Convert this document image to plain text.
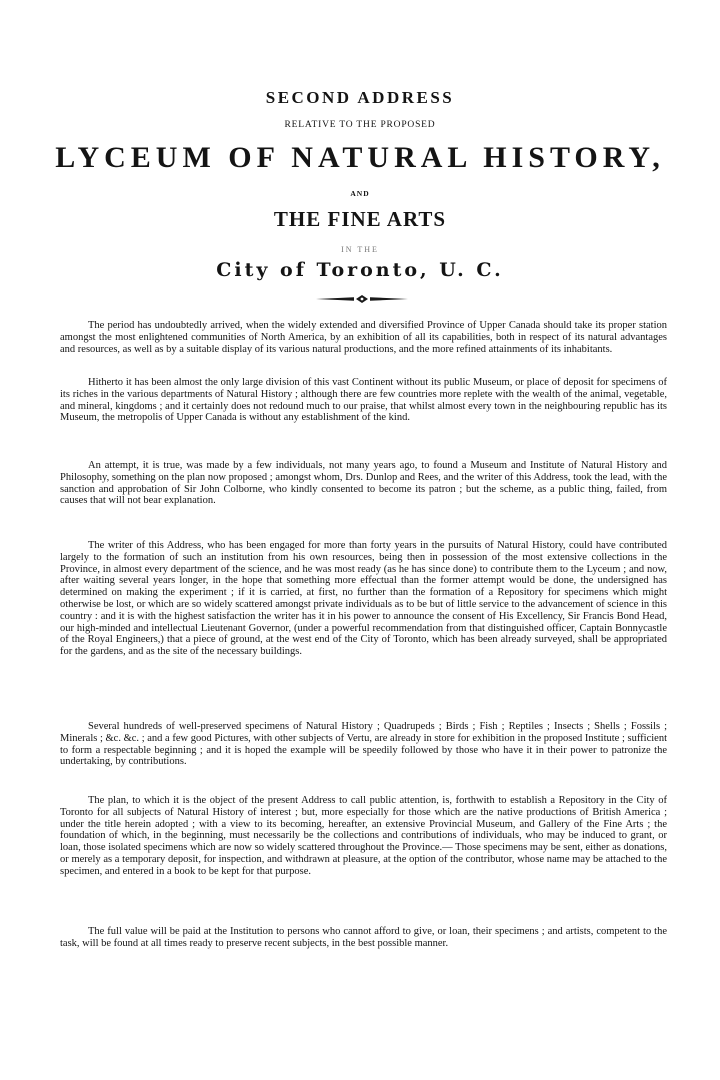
SECOND ADDRESS
RELATIVE TO THE PROPOSED
LYCEUM OF NATURAL HISTORY,
AND
THE FINE ARTS
IN THE
City of Toronto, U. C.

The period has undoubtedly arrived, when the widely extended and diversified Province of Upper Canada should take its proper station amongst the most enlightened communities of North America, by an exhibition of all its capabilities, both in respect of its natural advantages and resources, as well as by a suitable display of its various natural productions, and the more refined attainments of its inhabitants.

Hitherto it has been almost the only large division of this vast Continent without its public Museum, or place of deposit for specimens of its riches in the various departments of Natural History ; although there are few countries more replete with the wealth of the animal, vegetable, and mineral, kingdoms ; and it certainly does not redound much to our praise, that whilst almost every town in the neighbouring republic has its Museum, the metropolis of Upper Canada is without any establishment of the kind.

An attempt, it is true, was made by a few individuals, not many years ago, to found a Museum and Institute of Natural History and Philosophy, something on the plan now proposed ; amongst whom, Drs. Dunlop and Rees, and the writer of this Address, took the lead, with the sanction and approbation of Sir John Colborne, who kindly consented to become its patron ; but the scheme, as a public thing, failed, from causes that will not bear explanation.

The writer of this Address, who has been engaged for more than forty years in the pursuits of Natural History, could have contributed largely to the formation of such an institution from his own resources, being then in possession of the most extensive collections in the Province, in almost every department of the science, and he was most ready (as he has since done) to contribute them to the Lyceum ; and now, after waiting several years longer, in the hope that something more effectual than the former attempt would be done, the undersigned has determined on making the experiment ; if it is carried, at first, no further than the formation of a Repository for specimens which might otherwise be lost, or which are so widely scattered amongst private individuals as to be but of little service to the advancement of science in this country : and it is with the highest satisfaction the writer has it in his power to announce the consent of His Excellency, Sir Francis Bond Head, our high-minded and intellectual Lieutenant Governor, (under a powerful recommendation from that distinguished officer, Captain Bonnycastle of the Royal Engineers,) that a piece of ground, at the west end of the City of Toronto, which has been already surveyed, shall be appropriated for the gardens, and as the site of the necessary buildings.

Several hundreds of well-preserved specimens of Natural History ; Quadrupeds ; Birds ; Fish ; Reptiles ; Insects ; Shells ; Fossils ; Minerals ; &c. &c. ; and a few good Pictures, with other subjects of Vertu, are already in store for exhibition in the proposed Institute ; sufficient to form a respectable beginning ; and it is hoped the example will be speedily followed by those who have it in their power to patronize the undertaking, by contributions.

The plan, to which it is the object of the present Address to call public attention, is, forthwith to establish a Repository in the City of Toronto for all subjects of Natural History of interest ; but, more especially for those which are the native productions of British America ; under the title herein adopted ; with a view to its becoming, hereafter, an extensive Provincial Museum, and Gallery of the Fine Arts ; the foundation of which, in the beginning, must necessarily be the collections and contributions of individuals, who may be induced to grant, or loan, those isolated specimens which are now so widely scattered throughout the Province.— Those specimens may be sent, either as donations, or merely as a temporary deposit, for inspection, and withdrawn at pleasure, at the option of the contributor, whose name may be attached to the specimen, and entered in a book to be kept for that purpose.

The full value will be paid at the Institution to persons who cannot afford to give, or loan, their specimens ; and artists, competent to the task, will be found at all times ready to preserve recent subjects, in the best possible manner.
